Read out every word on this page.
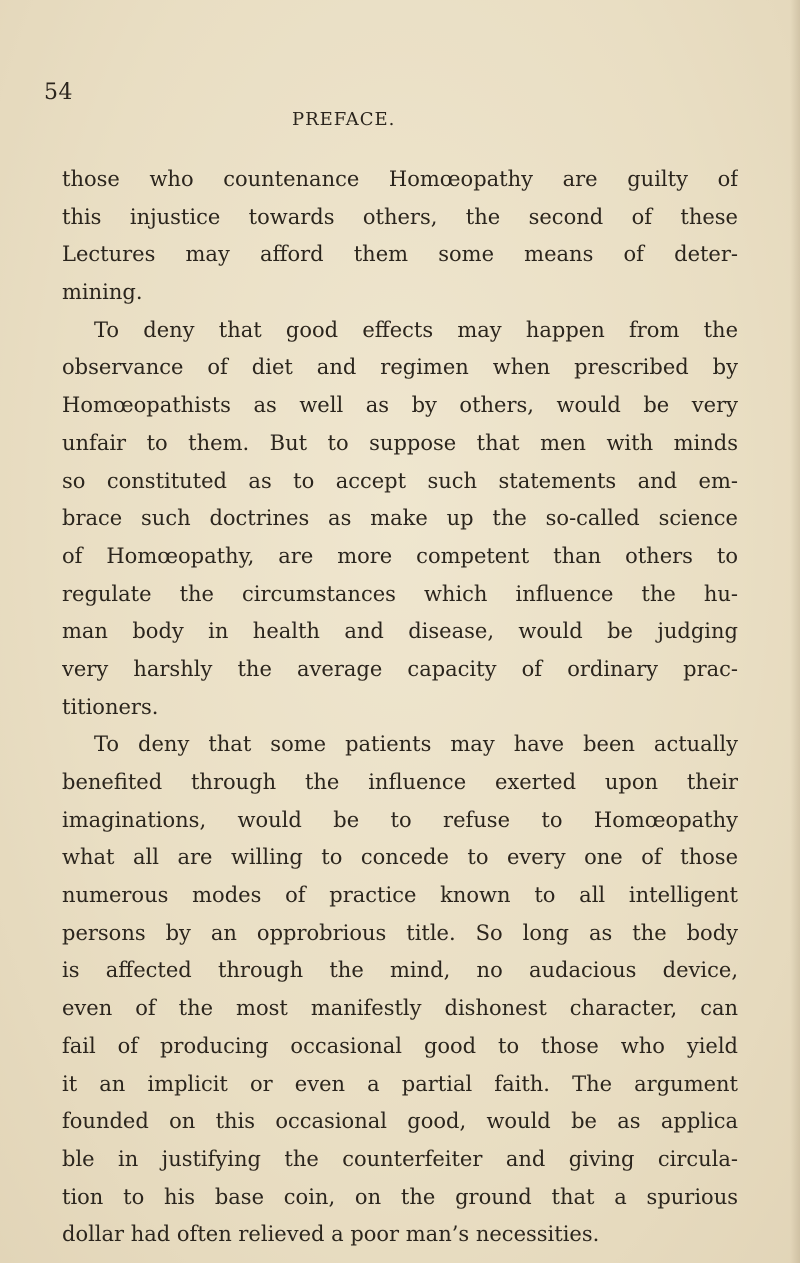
54
PREFACE.
those who countenance Homœopathy are guilty of
this injustice towards others, the second of these
Lectures may afford them some means of deter-
mining.
To deny that good effects may happen from the
observance of diet and regimen when prescribed by
Homœopathists as well as by others, would be very
unfair to them. But to suppose that men with minds
so constituted as to accept such statements and em-
brace such doctrines as make up the so-called science
of Homœopathy, are more competent than others to
regulate the circumstances which influence the hu-
man body in health and disease, would be judging
very harshly the average capacity of ordinary prac-
titioners.
To deny that some patients may have been actually
benefited through the influence exerted upon their
imaginations, would be to refuse to Homœopathy
what all are willing to concede to every one of those
numerous modes of practice known to all intelligent
persons by an opprobrious title. So long as the body
is affected through the mind, no audacious device,
even of the most manifestly dishonest character, can
fail of producing occasional good to those who yield
it an implicit or even a partial faith. The argument
founded on this occasional good, would be as applica
ble in justifying the counterfeiter and giving circula-
tion to his base coin, on the ground that a spurious
dollar had often relieved a poor man’s necessities.
